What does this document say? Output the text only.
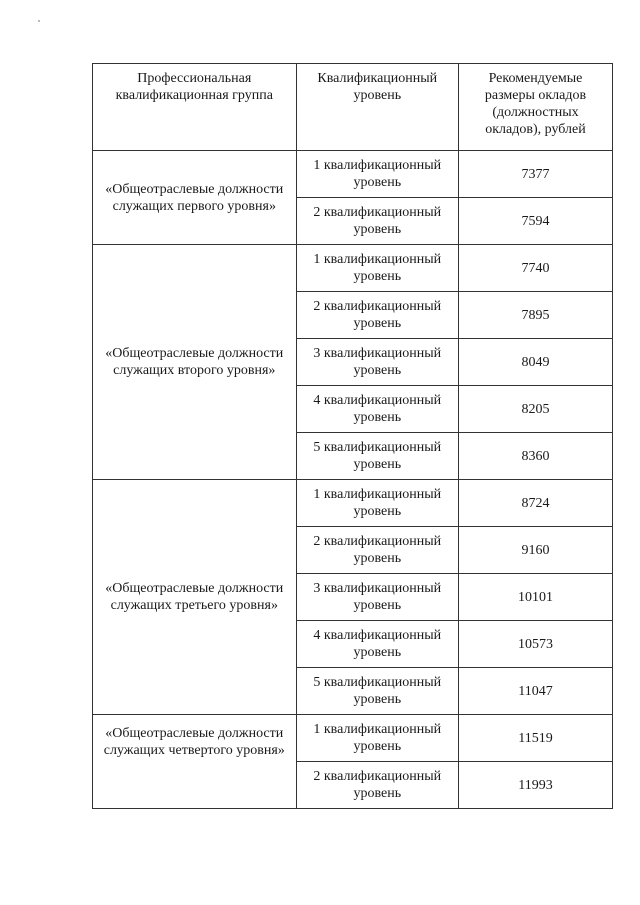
Профессиональная
квалификационная группа	Квалификационный
уровень	Рекомендуемые
размеры окладов
(должностных
окладов), рублей

«Общеотраслевые должности
служащих первого уровня»	1 квалификационный
уровень	7377

	2 квалификационный
уровень	7594

«Общеотраслевые должности
служащих второго уровня»	1 квалификационный
уровень	7740

	2 квалификационный
уровень	7895

	3 квалификационный
уровень	8049

	4 квалификационный
уровень	8205

	5 квалификационный
уровень	8360

«Общеотраслевые должности
служащих третьего уровня»	1 квалификационный
уровень	8724

	2 квалификационный
уровень	9160

	3 квалификационный
уровень	10101

	4 квалификационный
уровень	10573

	5 квалификационный
уровень	11047

«Общеотраслевые должности
служащих четвертого уровня»	1 квалификационный
уровень	11519

	2 квалификационный
уровень	11993
